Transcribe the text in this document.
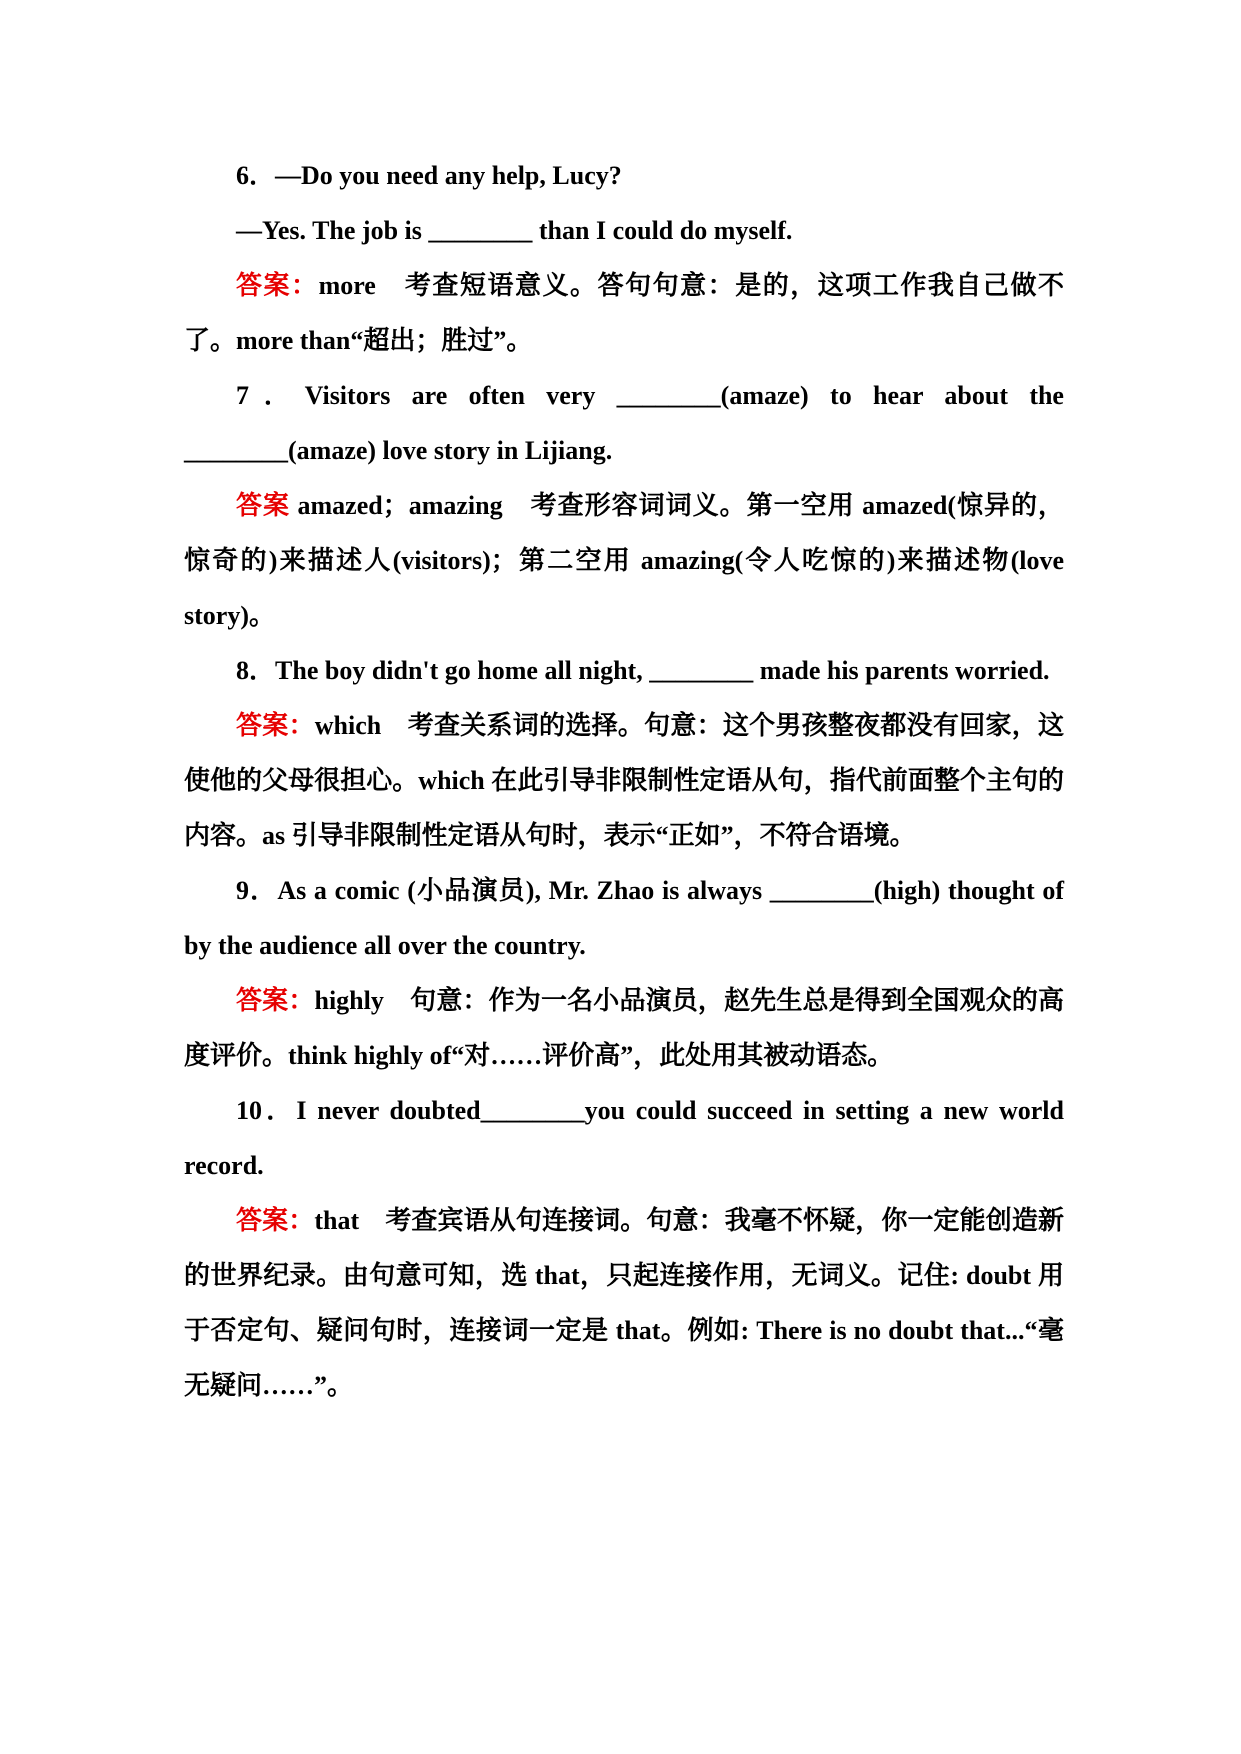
6．—Do you need any help, Lucy?

—Yes. The job is ________ than I could do myself.

答案：more　考查短语意义。答句句意：是的，这项工作我自己做不了。more than“超出；胜过”。

7．Visitors are often very ________(amaze) to hear about the ________(amaze) love story in Lijiang.

答案 amazed；amazing　考查形容词词义。第一空用 amazed(惊异的，惊奇的)来描述人(visitors)；第二空用 amazing(令人吃惊的)来描述物(love story)。

8．The boy didn't go home all night, ________ made his parents worried.

答案：which　考查关系词的选择。句意：这个男孩整夜都没有回家，这使他的父母很担心。which 在此引导非限制性定语从句，指代前面整个主句的内容。as 引导非限制性定语从句时，表示“正如”，不符合语境。

9．As a comic (小品演员), Mr. Zhao is always ________(high) thought of by the audience all over the country.

答案：highly　句意：作为一名小品演员，赵先生总是得到全国观众的高度评价。think highly of“对……评价高”，此处用其被动语态。

10．I never doubted________you could succeed in setting a new world record.

答案：that　考查宾语从句连接词。句意：我毫不怀疑，你一定能创造新的世界纪录。由句意可知，选 that，只起连接作用，无词义。记住: doubt 用于否定句、疑问句时，连接词一定是 that。例如: There is no doubt that...“毫无疑问……”。
